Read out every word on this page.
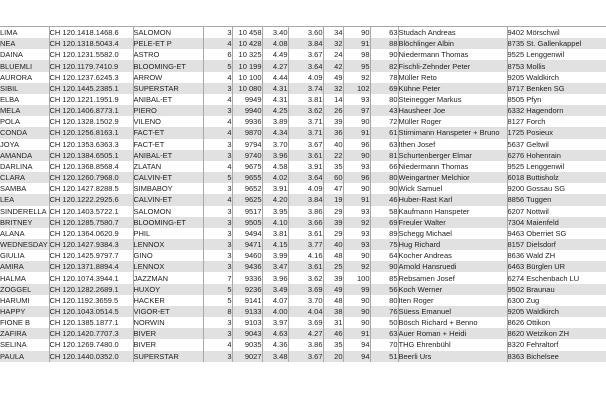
LIMA	CH 120.1418.1468.6	SALOMON	3	10 458	3.40	3.60	34	90	63	Studach Andreas	9402 Mörschwil
NEA	CH 120.1318.5043.4	PELE-ET P	4	10 428	4.08	3.84	32	91	88	Blöchlinger Albin	8735 St. Gallenkappel
DAINA	CH 120.1231.5582.0	ASTRO	6	10 325	4.49	3.67	24	98	90	Niedermann Thomas	9525 Lenggenwil
BLUEMLI	CH 120.1179.7410.9	BLOOMING-ET	5	10 199	4.27	3.64	42	95	82	Fischli-Zehnder Peter	8753 Mollis
AURORA	CH 120.1237.6245.3	ARROW	4	10 100	4.44	4.09	49	92	78	Müller Reto	9205 Waldkirch
SIBIL	CH 120.1445.2385.1	SUPERSTAR	3	10 080	4.31	3.74	32	102	69	Kühne Peter	8717 Benken SG
ELBA	CH 120.1221.1951.9	ANIBAL-ET	4	9949	4.31	3.81	14	93	80	Steinegger Markus	8505 Pfyn
MELA	CH 120.1406.8773.1	PIERO	3	9940	4.25	3.62	26	97	43	Hausheer Joe	6332 Hagendorn
POLA	CH 120.1328.1502.9	VILENO	4	9936	3.89	3.71	39	90	72	Müller Roger	8127 Forch
CONDA	CH 120.1256.8163.1	FACT-ET	4	9870	4.34	3.71	36	91	61	Stirnimann Hanspeter + Bruno	1725 Posieux
JOYA	CH 120.1353.6363.3	FACT-ET	3	9794	3.70	3.67	40	96	63	Ithen Josef	5637 Geltwil
AMANDA	CH 120.1384.6505.1	ANIBAL-ET	3	9740	3.96	3.61	22	90	81	Schurtenberger Elmar	6276 Hohenrain
DARLINA	CH 120.1368.8568.4	ZLATAN	4	9675	4.58	3.91	35	93	66	Niedermann Thomas	9525 Lenggenwil
CLARA	CH 120.1260.7968.0	CALVIN-ET	5	9655	4.02	3.64	60	96	80	Weingartner Melchior	6018 Buttisholz
SAMBA	CH 120.1427.8288.5	SIMBABOY	3	9652	3.91	4.09	47	90	90	Wick Samuel	9200 Gossau SG
LEA	CH 120.1222.2925.6	CALVIN-ET	4	9625	4.20	3.84	19	91	46	Huber-Rast Karl	8856 Tuggen
SINDERELLA	CH 120.1403.5722.1	SALOMON	3	9517	3.95	3.86	29	93	58	Kaufmann Hanspeter	6207 Nottwil
BRITNEY	CH 120.1285.7580.7	BLOOMING-ET	3	9505	4.10	3.66	39	92	69	Freuler Walter	7304 Maienfeld
ALANA	CH 120.1364.0620.9	PHIL	3	9494	3.81	3.61	29	93	89	Schegg Michael	9463 Oberriet SG
WEDNESDAY	CH 120.1427.9384.3	LENNOX	3	9471	4.15	3.77	40	93	75	Hug Richard	8157 Dielsdorf
GIULIA	CH 120.1425.9797.7	GINO	3	9460	3.99	4.16	48	90	64	Kocher Andreas	8636 Wald ZH
AMIRA	CH 120.1371.8894.4	LENNOX	3	9436	3.47	3.61	25	92	90	Arnold Hansruedi	6463 Bürglen UR
HALMA	CH 120.1074.3944.1	JAZZMAN	7	9336	3.96	3.62	39	100	85	Rebsamen Josef	6274 Eschenbach LU
ZOGGEL	CH 120.1282.2689.1	HUXOY	5	9236	3.49	3.69	49	99	56	Koch Werner	9502 Braunau
HARUMI	CH 120.1192.3659.5	HACKER	5	9141	4.07	3.70	48	90	80	Iten Roger	6300 Zug
HAPPY	CH 120.1043.0514.5	VIGOR-ET	8	9133	4.00	4.04	38	90	76	Süess Emanuel	9205 Waldkirch
FIONE B	CH 120.1385.1877.1	NORWIN	3	9103	3.97	3.69	31	90	50	Bösch Richard + Benno	8626 Ottikon
ZAFIRA	CH 120.1420.7707.3	BIVER	3	9043	4.63	4.27	46	91	63	Auer Roman + Heidi	8620 Wetzikon ZH
SELINA	CH 120.1269.7480.0	BIVER	4	9035	4.36	3.86	35	94	70	THG Ehrenbühl	8320 Fehraltorf
PAULA	CH 120.1440.0352.0	SUPERSTAR	3	9027	3.48	3.67	20	94	51	Beerli Urs	8363 Bichelsee
